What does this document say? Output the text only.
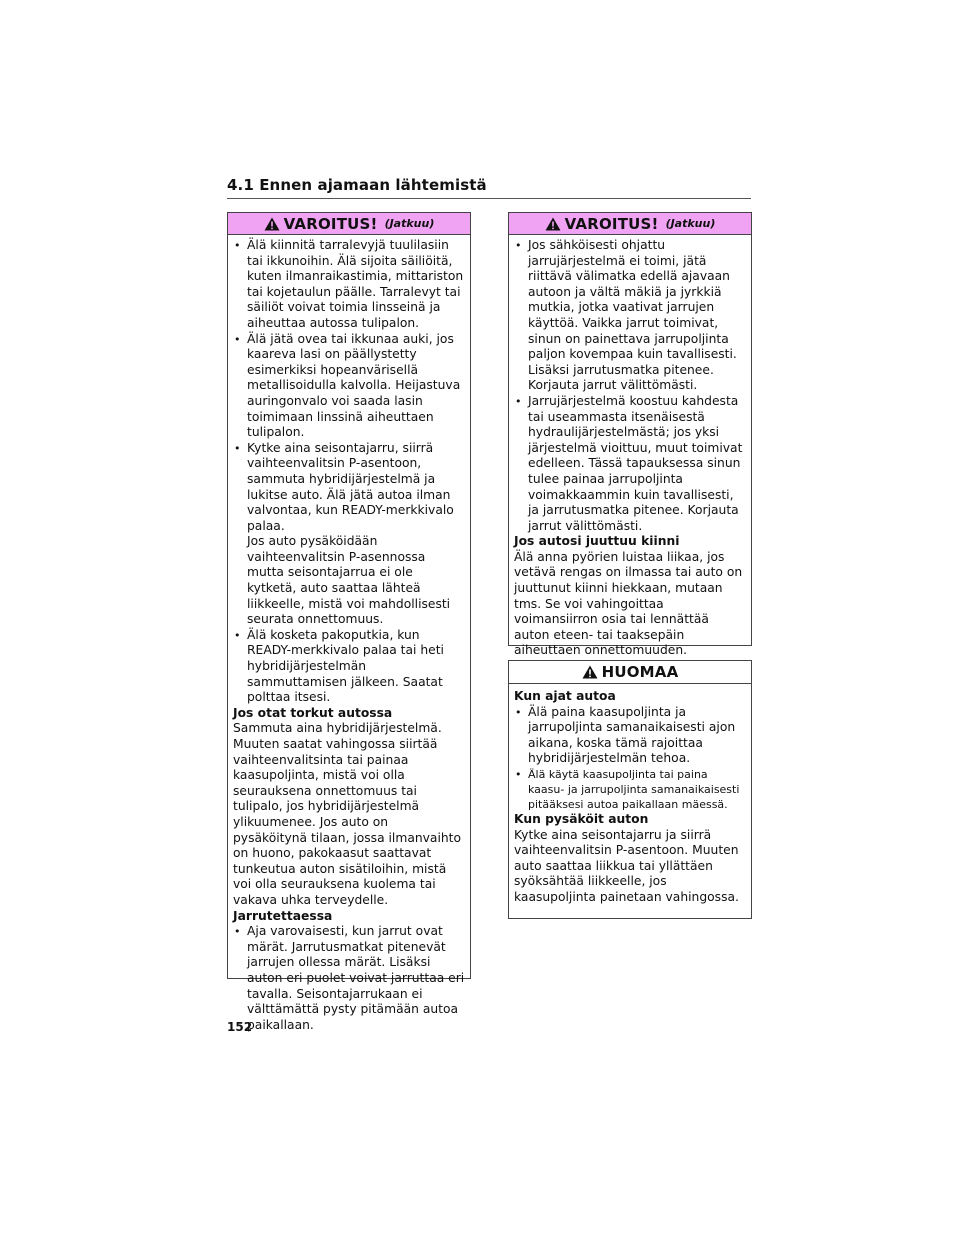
4.1 Ennen ajamaan lähtemistä
VAROITUS! (Jatkuu)

• Älä kiinnitä tarralevyjä tuulilasiin tai ikkunoihin. Älä sijoita säiliöitä, kuten ilmanraikastimia, mittariston tai kojetaulun päälle. Tarralevyt tai säiliöt voivat toimia linsseinä ja aiheuttaa autossa tulipalon.

• Älä jätä ovea tai ikkunaa auki, jos kaareva lasi on päällystetty esimerkiksi hopeanvärisellä metallisoidulla kalvolla. Heijastuva auringonvalo voi saada lasin toimimaan linssinä aiheuttaen tulipalon.

• Kytke aina seisontajarru, siirrä vaihteenvalitsin P-asentoon, sammuta hybridijärjestelmä ja lukitse auto. Älä jätä autoa ilman valvontaa, kun READY-merkkivalo palaa.

Jos auto pysäköidään vaihteenvalitsin P-asennossa mutta seisontajarrua ei ole kytketä, auto saattaa lähteä liikkeelle, mistä voi mahdollisesti seurata onnettomuus.

• Älä kosketa pakoputkia, kun READY-merkkivalo palaa tai heti hybridijärjestelmän sammuttamisen jälkeen. Saatat polttaa itsesi.

Jos otat torkut autossa

Sammuta aina hybridijärjestelmä. Muuten saatat vahingossa siirtää vaihteenvalitsinta tai painaa kaasupoljinta, mistä voi olla seurauksena onnettomuus tai tulipalo, jos hybridijärjestelmä ylikuumenee. Jos auto on pysäköitynä tilaan, jossa ilmanvaihto on huono, pakokaasut saattavat tunkeutua auton sisätiloihin, mistä voi olla seurauksena kuolema tai vakava uhka terveydelle.

Jarrutettaessa

• Aja varovaisesti, kun jarrut ovat märät. Jarrutusmatkat pitenevät jarrujen ollessa märät. Lisäksi auton eri puolet voivat jarruttaa eri tavalla. Seisontajarrukaan ei välttämättä pysty pitämään autoa paikallaan.

VAROITUS! (Jatkuu)

• Jos sähköisesti ohjattu jarrujärjestelmä ei toimi, jätä riittävä välimatka edellä ajavaan autoon ja vältä mäkiä ja jyrkkiä mutkia, jotka vaativat jarrujen käyttöä. Vaikka jarrut toimivat, sinun on painettava jarrupoljinta paljon kovempaa kuin tavallisesti. Lisäksi jarrutusmatka pitenee. Korjauta jarrut välittömästi.

• Jarrujärjestelmä koostuu kahdesta tai useammasta itsenäisestä hydraulijärjestelmästä; jos yksi järjestelmä vioittuu, muut toimivat edelleen. Tässä tapauksessa sinun tulee painaa jarrupoljinta voimakkaammin kuin tavallisesti, ja jarrutusmatka pitenee. Korjauta jarrut välittömästi.

Jos autosi juuttuu kiinni

Älä anna pyörien luistaa liikaa, jos vetävä rengas on ilmassa tai auto on juuttunut kiinni hiekkaan, mutaan tms. Se voi vahingoittaa voimansiirron osia tai lennättää auton eteen- tai taaksepäin aiheuttaen onnettomuuden.

HUOMAA

Kun ajat autoa

• Älä paina kaasupoljinta ja jarrupoljinta samanaikaisesti ajon aikana, koska tämä rajoittaa hybridijärjestelmän tehoa.

• Älä käytä kaasupoljinta tai paina kaasu- ja jarrupoljinta samanaikaisesti pitääksesi autoa paikallaan mäessä.

Kun pysäköit auton

Kytke aina seisontajarru ja siirrä vaihteenvalitsin P-asentoon. Muuten auto saattaa liikkua tai yllättäen syöksähtää liikkeelle, jos kaasupoljinta painetaan vahingossa.

152
